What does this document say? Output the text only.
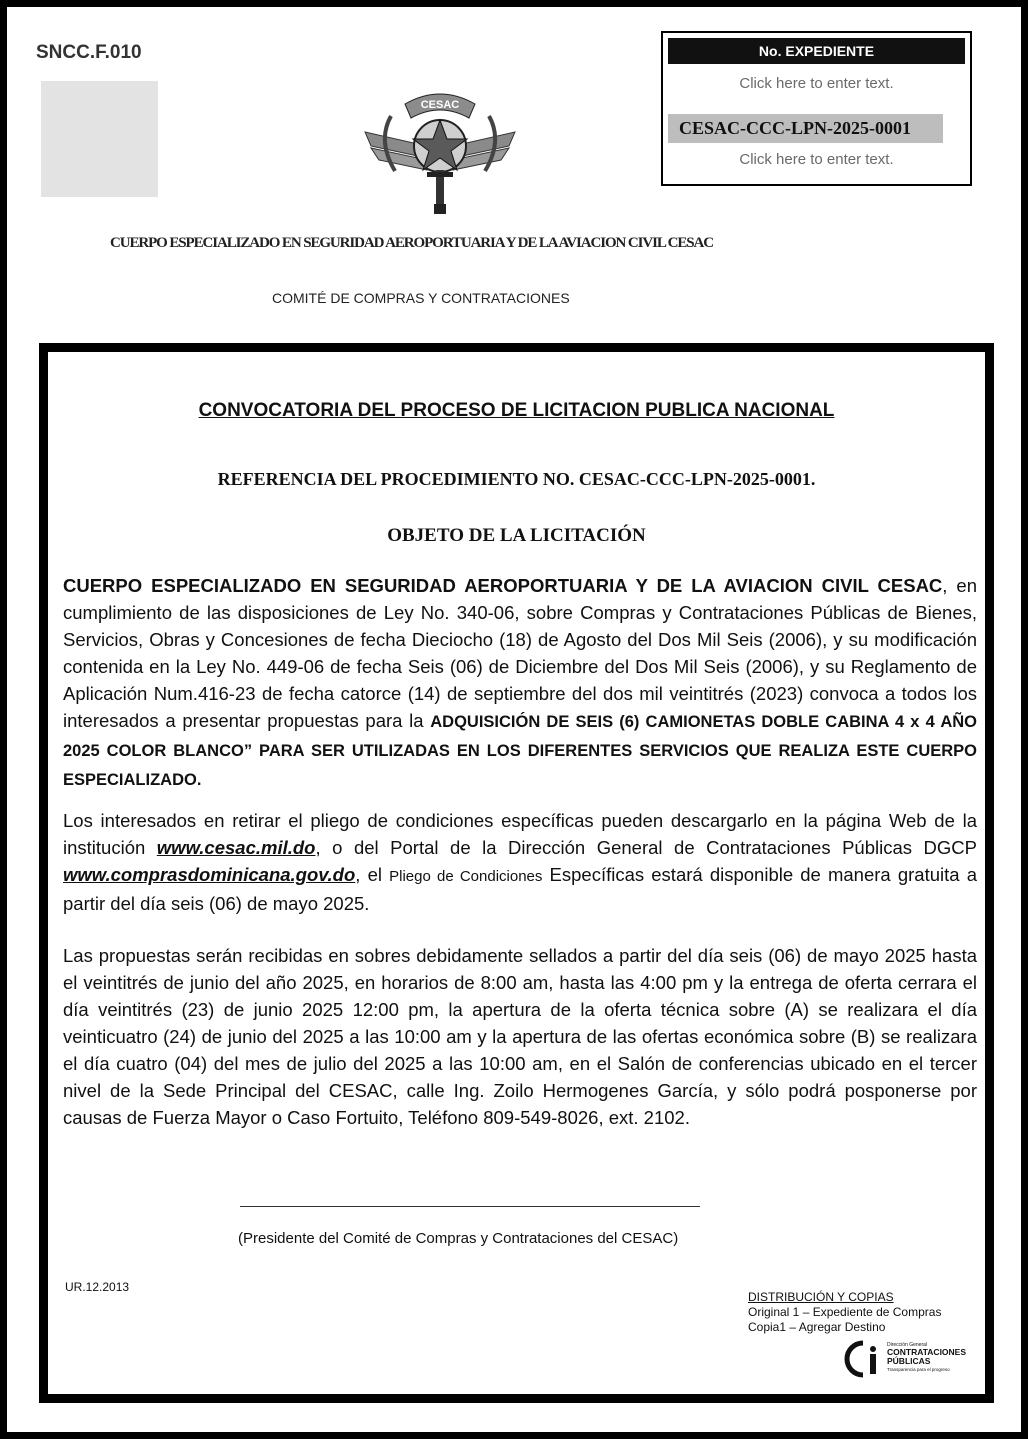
SNCC.F.010
CESAC
No. EXPEDIENTE
Click here to enter text.
CESAC-CCC-LPN-2025-0001
Click here to enter text.
CUERPO ESPECIALIZADO EN SEGURIDAD AEROPORTUARIA Y DE LA AVIACION CIVIL CESAC
COMITÉ DE COMPRAS Y CONTRATACIONES
CONVOCATORIA DEL PROCESO DE LICITACION PUBLICA NACIONAL
REFERENCIA DEL PROCEDIMIENTO NO. CESAC-CCC-LPN-2025-0001.
OBJETO DE LA LICITACIÓN
CUERPO ESPECIALIZADO EN SEGURIDAD AEROPORTUARIA Y DE LA AVIACION CIVIL CESAC, en cumplimiento de las disposiciones de Ley No. 340-06, sobre Compras y Contrataciones Públicas de Bienes, Servicios, Obras y Concesiones de fecha Dieciocho (18) de Agosto del Dos Mil Seis (2006), y su modificación contenida en la Ley No. 449-06 de fecha Seis (06) de Diciembre del Dos Mil Seis (2006), y su Reglamento de Aplicación Num.416-23 de fecha catorce (14) de septiembre del dos mil veintitrés (2023) convoca a todos los interesados a presentar propuestas para la ADQUISICIÓN DE SEIS (6) CAMIONETAS DOBLE CABINA 4 x 4 AÑO 2025 COLOR BLANCO” PARA SER UTILIZADAS EN LOS DIFERENTES SERVICIOS QUE REALIZA ESTE CUERPO ESPECIALIZADO.
Los interesados en retirar el pliego de condiciones específicas pueden descargarlo en la página Web de la institución www.cesac.mil.do, o del Portal de la Dirección General de Contrataciones Públicas DGCP www.comprasdominicana.gov.do, el Pliego de Condiciones Específicas estará disponible de manera gratuita a partir del día seis (06) de mayo 2025.
Las propuestas serán recibidas en sobres debidamente sellados a partir del día seis (06) de mayo 2025 hasta el veintitrés de junio del año 2025, en horarios de 8:00 am, hasta las 4:00 pm y la entrega de oferta cerrara el día veintitrés (23) de junio 2025 12:00 pm, la apertura de la oferta técnica sobre (A) se realizara el día veinticuatro (24) de junio del 2025 a las 10:00 am y la apertura de las ofertas económica sobre (B) se realizara el día cuatro (04) del mes de julio del 2025 a las 10:00 am, en el Salón de conferencias ubicado en el tercer nivel de la Sede Principal del CESAC, calle Ing. Zoilo Hermogenes García, y sólo podrá posponerse por causas de Fuerza Mayor o Caso Fortuito, Teléfono 809-549-8026, ext. 2102.
(Presidente del Comité de Compras y Contrataciones del CESAC)
UR.12.2013
DISTRIBUCIÓN Y COPIAS
Original 1 – Expediente de Compras
Copia1 – Agregar Destino
Dirección General
CONTRATACIONES
PÚBLICAS
Transparencia para el progreso
